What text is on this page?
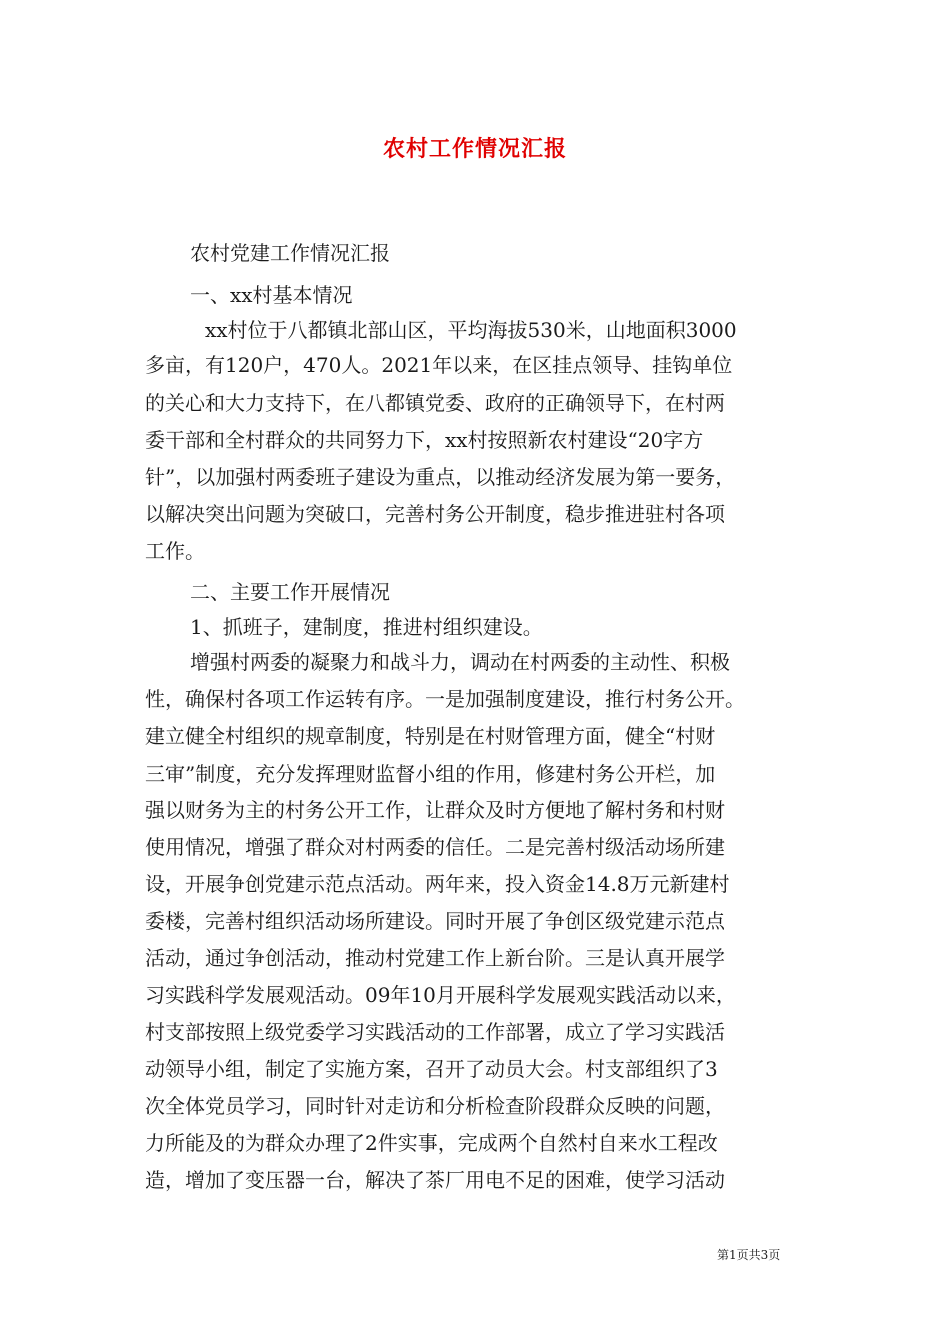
农村工作情况汇报
农村党建工作情况汇报
一、xx村基本情况
xx村位于八都镇北部山区，平均海拔530米，山地面积3000
多亩，有120户，470人。2021年以来，在区挂点领导、挂钩单位
的关心和大力支持下，在八都镇党委、政府的正确领导下，在村两
委干部和全村群众的共同努力下，xx村按照新农村建设“20字方
针”，以加强村两委班子建设为重点，以推动经济发展为第一要务，
以解决突出问题为突破口，完善村务公开制度，稳步推进驻村各项
工作。
二、主要工作开展情况
1、抓班子，建制度，推进村组织建设。
增强村两委的凝聚力和战斗力，调动在村两委的主动性、积极
性，确保村各项工作运转有序。一是加强制度建设，推行村务公开。
建立健全村组织的规章制度，特别是在村财管理方面，健全“村财
三审”制度，充分发挥理财监督小组的作用，修建村务公开栏，加
强以财务为主的村务公开工作，让群众及时方便地了解村务和村财
使用情况，增强了群众对村两委的信任。二是完善村级活动场所建
设，开展争创党建示范点活动。两年来，投入资金14.8万元新建村
委楼，完善村组织活动场所建设。同时开展了争创区级党建示范点
活动，通过争创活动，推动村党建工作上新台阶。三是认真开展学
习实践科学发展观活动。09年10月开展科学发展观实践活动以来，
村支部按照上级党委学习实践活动的工作部署，成立了学习实践活
动领导小组，制定了实施方案，召开了动员大会。村支部组织了3
次全体党员学习，同时针对走访和分析检查阶段群众反映的问题，
力所能及的为群众办理了2件实事，完成两个自然村自来水工程改
造，增加了变压器一台，解决了茶厂用电不足的困难，使学习活动
第1页共3页
